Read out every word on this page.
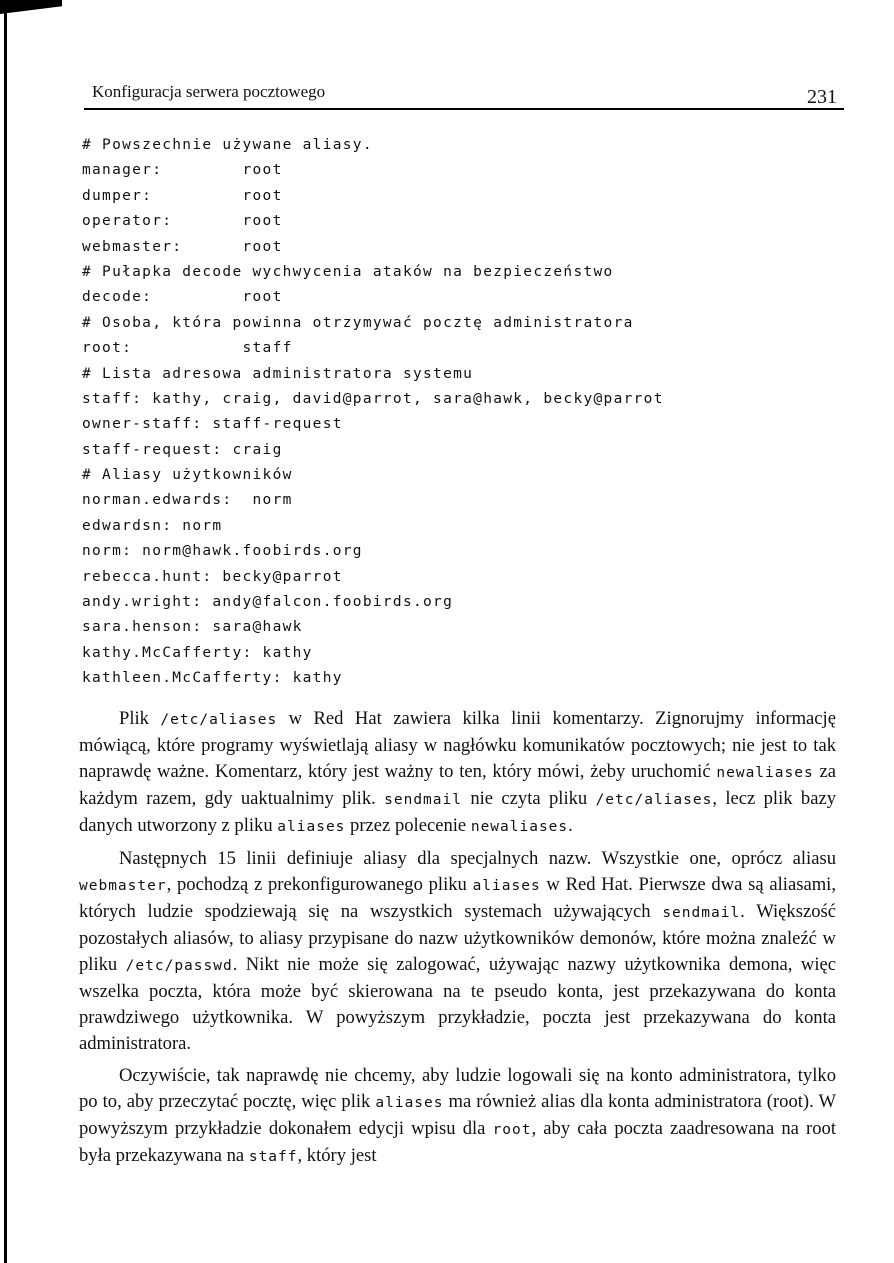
Konfiguracja serwera pocztowego	231
# Powszechnie używane aliasy.
manager:        root
dumper:         root
operator:       root
webmaster:      root
# Pułapka decode wychwycenia ataków na bezpieczeństwo
decode:         root
# Osoba, która powinna otrzymywać pocztę administratora
root:           staff
# Lista adresowa administratora systemu
staff: kathy, craig, david@parrot, sara@hawk, becky@parrot
owner-staff: staff-request
staff-request: craig
# Aliasy użytkowników
norman.edwards:  norm
edwardsn: norm
norm: norm@hawk.foobirds.org
rebecca.hunt: becky@parrot
andy.wright: andy@falcon.foobirds.org
sara.henson: sara@hawk
kathy.McCafferty: kathy
kathleen.McCafferty: kathy

Plik /etc/aliases w Red Hat zawiera kilka linii komentarzy. Zignorujmy informację mówiącą, które programy wyświetlają aliasy w nagłówku komunikatów pocztowych; nie jest to tak naprawdę ważne. Komentarz, który jest ważny to ten, który mówi, żeby uruchomić newaliases za każdym razem, gdy uaktualnimy plik. sendmail nie czyta pliku /etc/aliases, lecz plik bazy danych utworzony z pliku aliases przez polecenie newaliases.

Następnych 15 linii definiuje aliasy dla specjalnych nazw. Wszystkie one, oprócz aliasu webmaster, pochodzą z prekonfigurowanego pliku aliases w Red Hat. Pierwsze dwa są aliasami, których ludzie spodziewają się na wszystkich systemach używających sendmail. Większość pozostałych aliasów, to aliasy przypisane do nazw użytkowników demonów, które można znaleźć w pliku /etc/passwd. Nikt nie może się zalogować, używając nazwy użytkownika demona, więc wszelka poczta, która może być skierowana na te pseudo konta, jest przekazywana do konta prawdziwego użytkownika. W powyższym przykładzie, poczta jest przekazywana do konta administratora.

Oczywiście, tak naprawdę nie chcemy, aby ludzie logowali się na konto administratora, tylko po to, aby przeczytać pocztę, więc plik aliases ma również alias dla konta administratora (root). W powyższym przykładzie dokonałem edycji wpisu dla root, aby cała poczta zaadresowana na root była przekazywana na staff, który jest
